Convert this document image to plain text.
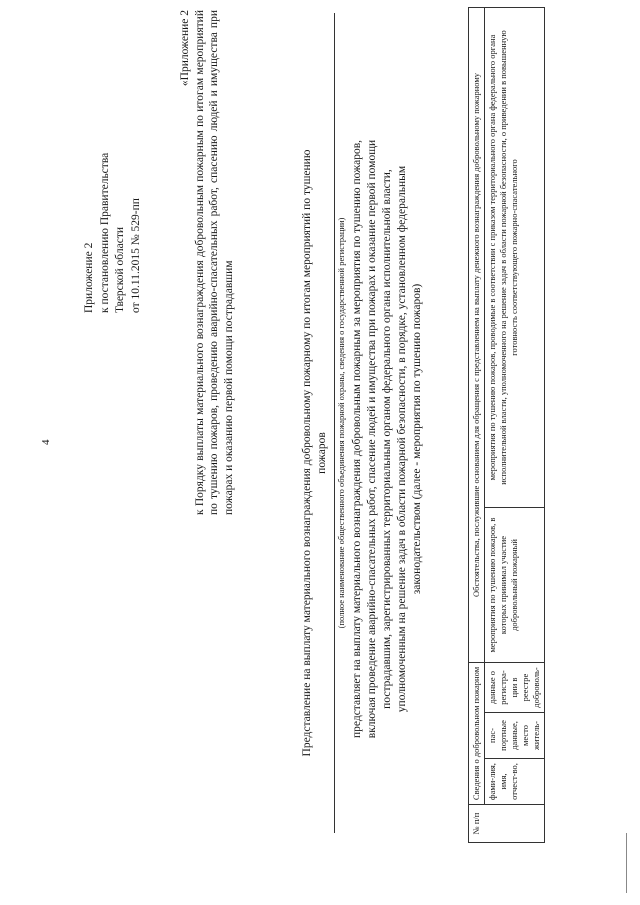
4
Приложение 2 к постановлению Правительства Тверской области от 10.11.2015 № 529-пп
«Приложение 2 к Порядку выплаты материального вознаграждения добровольным пожарным по итогам мероприятий по тушению пожаров, проведению аварийно-спасательных работ, спасению людей и имущества при пожарах и оказанию первой помощи пострадавшим	Представление на выплату материального вознаграждения добровольному пожарному по итогам мероприятий по тушению пожаров (полное наименование общественного объединения пожарной охраны, сведения о государственной регистрации) представляет на выплату материального вознаграждения добровольным пожарным за мероприятия по тушению пожаров, включая проведение аварийно-спасательных работ, спасение людей и имущества при пожарах и оказание первой помощи пострадавшим, зарегистрированных территориальным органом федерального органа исполнительной власти, уполномоченным на решение задач в области пожарной безопасности, в порядке, установленном федеральным законодательством (далее - мероприятия по тушению пожаров)

№ п/п	Сведения о добровольном пожарном			Обстоятельства, послужившие основанием для обращения с представлением на выплату денежного вознаграждения добровольному пожарному	
	фами-лия, имя, отчест-во,	пас-портные данные, место житель-	данные о регистра-ции в реестре доброволь-	мероприятия по тушению пожаров, в которых принимал участие добровольный пожарный	мероприятия по тушению пожаров, проводимые в соответствии с приказом территориального органа федерального органа исполнительной власти, уполномоченного на решение задач в области пожарной безопасности, о приведении в повышенную готовность соответствующего пожарно-спасательного
